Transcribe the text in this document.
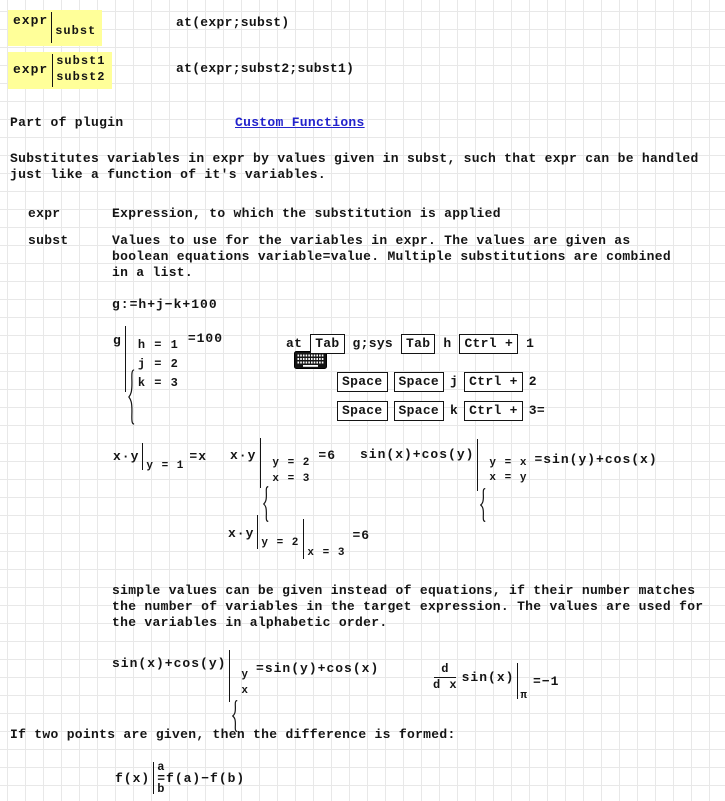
expr
subst
at(expr;subst)
expr
subst1
subst2
at(expr;subst2;subst1)
Part of plugin	Custom Functions
Substitutes variables in expr by values given in subst, such that expr can be handled
just like a function of it's variables.
expr	Expression, to which the substitution is applied
subst	Values to use for the variables in expr. The values are given as
boolean equations variable=value. Multiple substitutions are combined
in a list.
g:=h+j−k+100
g

h = 1
j = 2
k = 3
=100

	at	Tab	g;sys	Tab	h	Ctrl +	1
Space	Space j Ctrl + 2
Space	Space k Ctrl + 3=
x·y
y = 1
=x x·y

y = 2
x = 3
=6 sin(x)+cos(y)

y = x
x = y
=sin(y)+cos(x)
x·y
y = 2
x = 3
=6
simple values can be given instead of equations, if their number matches
the number of variables in the target expression. The values are used for
the variables in alphabetic order.
sin(x)+cos(y)

y
x
=sin(y)+cos(x)	$\frac{d}{\text{d x}} \sin(x)$
π
=−1
If two points are given, then the difference is formed:
f(x)
a
=f(a)−f(b)
b
